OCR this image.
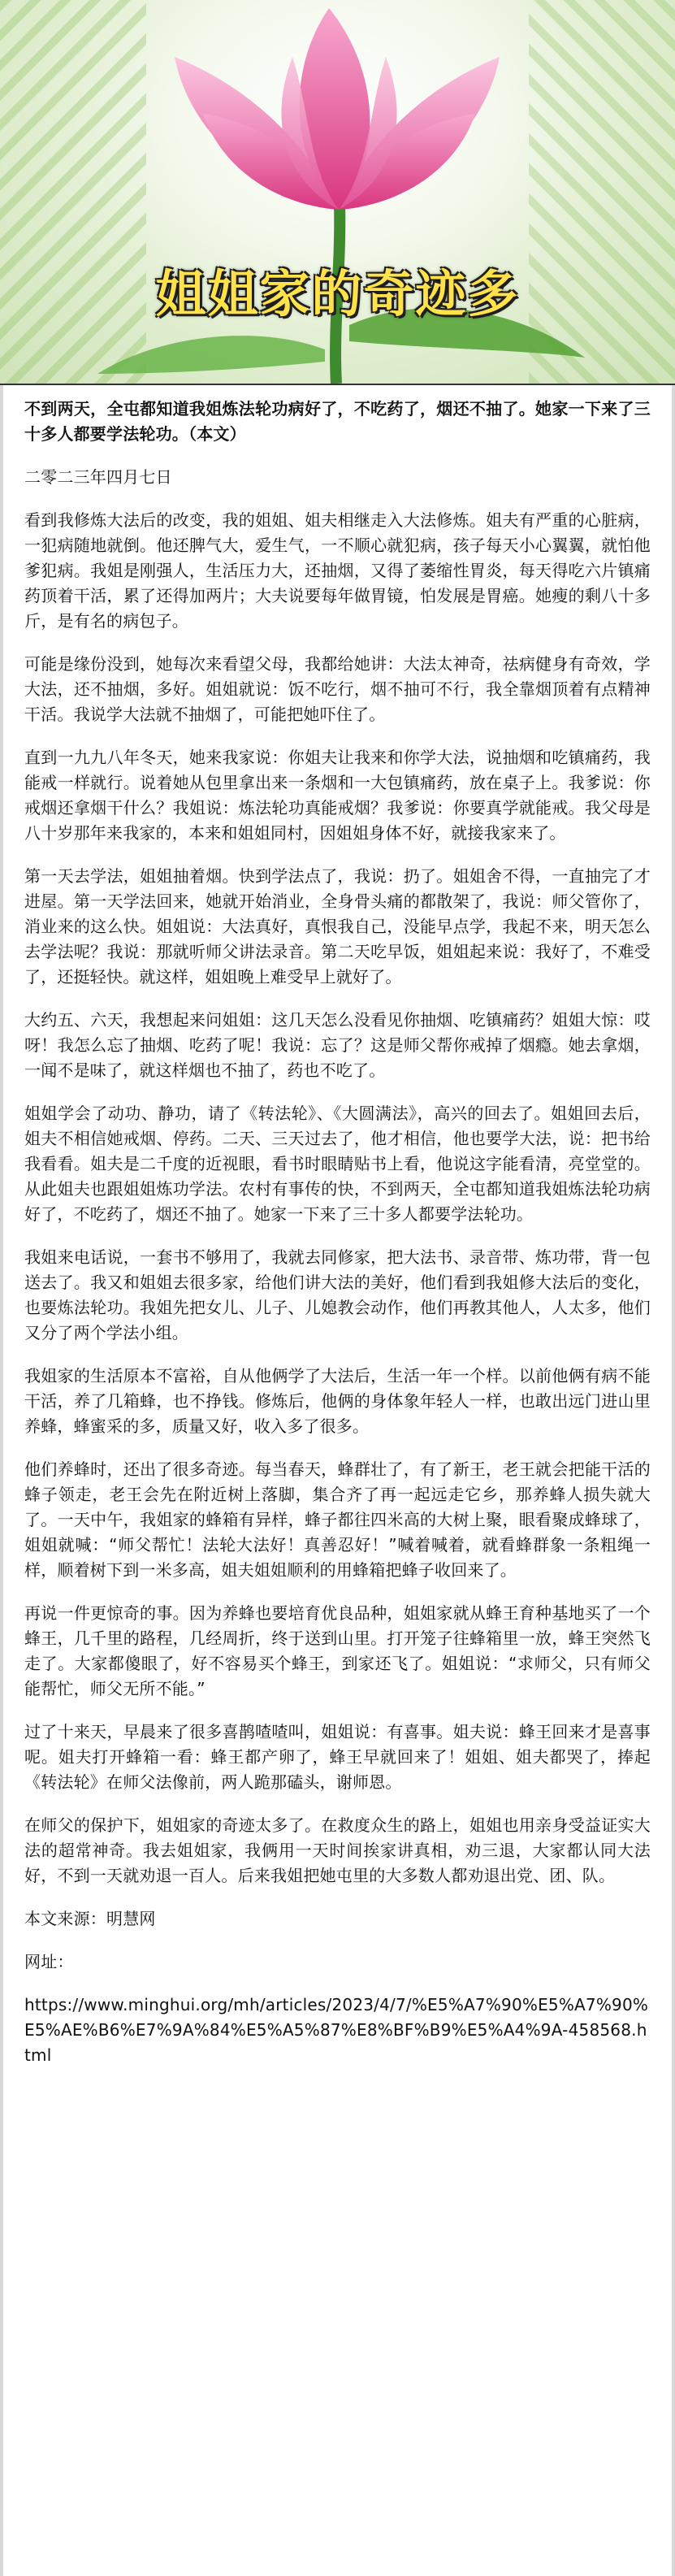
姐姐家的奇迹多

不到两天，全屯都知道我姐炼法轮功病好了，不吃药了，烟还不抽了。她家一下来了三十多人都要学法轮功。（本文）

二零二三年四月七日

看到我修炼大法后的改变，我的姐姐、姐夫相继走入大法修炼。姐夫有严重的心脏病，一犯病随地就倒。他还脾气大，爱生气，一不顺心就犯病，孩子每天小心翼翼，就怕他爹犯病。我姐是刚强人，生活压力大，还抽烟，又得了萎缩性胃炎，每天得吃六片镇痛药顶着干活，累了还得加两片；大夫说要每年做胃镜，怕发展是胃癌。她瘦的剩八十多斤，是有名的病包子。

可能是缘份没到，她每次来看望父母，我都给她讲：大法太神奇，祛病健身有奇效，学大法，还不抽烟，多好。姐姐就说：饭不吃行，烟不抽可不行，我全靠烟顶着有点精神干活。我说学大法就不抽烟了，可能把她吓住了。

直到一九九八年冬天，她来我家说：你姐夫让我来和你学大法，说抽烟和吃镇痛药，我能戒一样就行。说着她从包里拿出来一条烟和一大包镇痛药，放在桌子上。我爹说：你戒烟还拿烟干什么？我姐说：炼法轮功真能戒烟？我爹说：你要真学就能戒。我父母是八十岁那年来我家的，本来和姐姐同村，因姐姐身体不好，就接我家来了。

第一天去学法，姐姐抽着烟。快到学法点了，我说：扔了。姐姐舍不得，一直抽完了才进屋。第一天学法回来，她就开始消业，全身骨头痛的都散架了，我说：师父管你了，消业来的这么快。姐姐说：大法真好，真恨我自己，没能早点学，我起不来，明天怎么去学法呢？我说：那就听师父讲法录音。第二天吃早饭，姐姐起来说：我好了，不难受了，还挺轻快。就这样，姐姐晚上难受早上就好了。

大约五、六天，我想起来问姐姐：这几天怎么没看见你抽烟、吃镇痛药？姐姐大惊：哎呀！我怎么忘了抽烟、吃药了呢！我说：忘了？这是师父帮你戒掉了烟瘾。她去拿烟，一闻不是味了，就这样烟也不抽了，药也不吃了。

姐姐学会了动功、静功，请了《转法轮》、《大圆满法》，高兴的回去了。姐姐回去后，姐夫不相信她戒烟、停药。二天、三天过去了，他才相信，他也要学大法，说：把书给我看看。姐夫是二千度的近视眼，看书时眼睛贴书上看，他说这字能看清，亮堂堂的。从此姐夫也跟姐姐炼功学法。农村有事传的快，不到两天，全屯都知道我姐炼法轮功病好了，不吃药了，烟还不抽了。她家一下来了三十多人都要学法轮功。

我姐来电话说，一套书不够用了，我就去同修家，把大法书、录音带、炼功带，背一包送去了。我又和姐姐去很多家，给他们讲大法的美好，他们看到我姐修大法后的变化，也要炼法轮功。我姐先把女儿、儿子、儿媳教会动作，他们再教其他人，人太多，他们又分了两个学法小组。

我姐家的生活原本不富裕，自从他俩学了大法后，生活一年一个样。以前他俩有病不能干活，养了几箱蜂，也不挣钱。修炼后，他俩的身体象年轻人一样，也敢出远门进山里养蜂，蜂蜜采的多，质量又好，收入多了很多。

他们养蜂时，还出了很多奇迹。每当春天，蜂群壮了，有了新王，老王就会把能干活的蜂子领走，老王会先在附近树上落脚，集合齐了再一起远走它乡，那养蜂人损失就大了。一天中午，我姐家的蜂箱有异样，蜂子都往四米高的大树上聚，眼看聚成蜂球了，姐姐就喊：“师父帮忙！法轮大法好！真善忍好！”喊着喊着，就看蜂群象一条粗绳一样，顺着树下到一米多高，姐夫姐姐顺利的用蜂箱把蜂子收回来了。

再说一件更惊奇的事。因为养蜂也要培育优良品种，姐姐家就从蜂王育种基地买了一个蜂王，几千里的路程，几经周折，终于送到山里。打开笼子往蜂箱里一放，蜂王突然飞走了。大家都傻眼了，好不容易买个蜂王，到家还飞了。姐姐说：“求师父，只有师父能帮忙，师父无所不能。”

过了十来天，早晨来了很多喜鹊喳喳叫，姐姐说：有喜事。姐夫说：蜂王回来才是喜事呢。姐夫打开蜂箱一看：蜂王都产卵了，蜂王早就回来了！姐姐、姐夫都哭了，捧起《转法轮》在师父法像前，两人跪那磕头，谢师恩。

在师父的保护下，姐姐家的奇迹太多了。在救度众生的路上，姐姐也用亲身受益证实大法的超常神奇。我去姐姐家，我俩用一天时间挨家讲真相，劝三退，大家都认同大法好，不到一天就劝退一百人。后来我姐把她屯里的大多数人都劝退出党、团、队。

本文来源：明慧网

网址：

https://www.minghui.org/mh/articles/2023/4/7/%E5%A7%90%E5%A7%90%E5%AE%B6%E7%9A%84%E5%A5%87%E8%BF%B9%E5%A4%9A-458568.html
